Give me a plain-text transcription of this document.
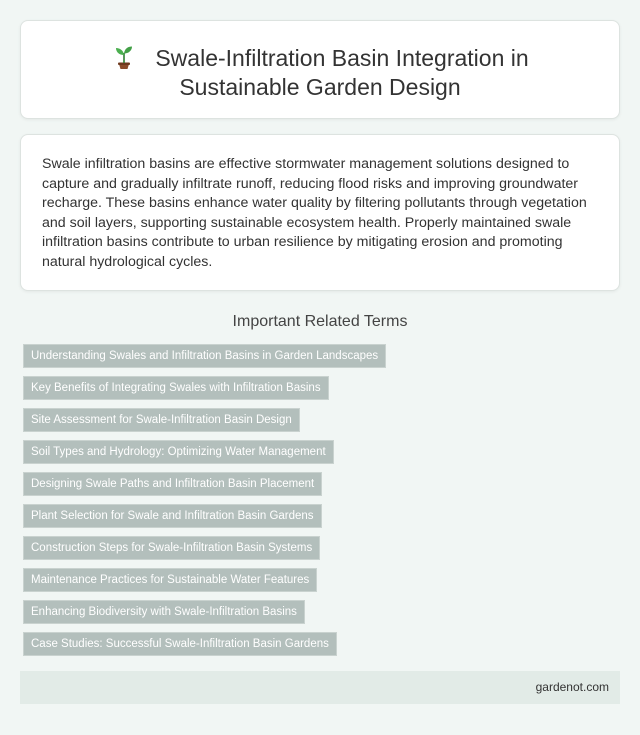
Swale-Infiltration Basin Integration in
Sustainable Garden Design

Swale infiltration basins are effective stormwater management solutions designed to capture and gradually infiltrate runoff, reducing flood risks and improving groundwater recharge. These basins enhance water quality by filtering pollutants through vegetation and soil layers, supporting sustainable ecosystem health. Properly maintained swale infiltration basins contribute to urban resilience by mitigating erosion and promoting natural hydrological cycles.

Important Related Terms
Understanding Swales and Infiltration Basins in Garden Landscapes
Key Benefits of Integrating Swales with Infiltration Basins
Site Assessment for Swale-Infiltration Basin Design
Soil Types and Hydrology: Optimizing Water Management
Designing Swale Paths and Infiltration Basin Placement
Plant Selection for Swale and Infiltration Basin Gardens
Construction Steps for Swale-Infiltration Basin Systems
Maintenance Practices for Sustainable Water Features
Enhancing Biodiversity with Swale-Infiltration Basins
Case Studies: Successful Swale-Infiltration Basin Gardens
gardenot.com
